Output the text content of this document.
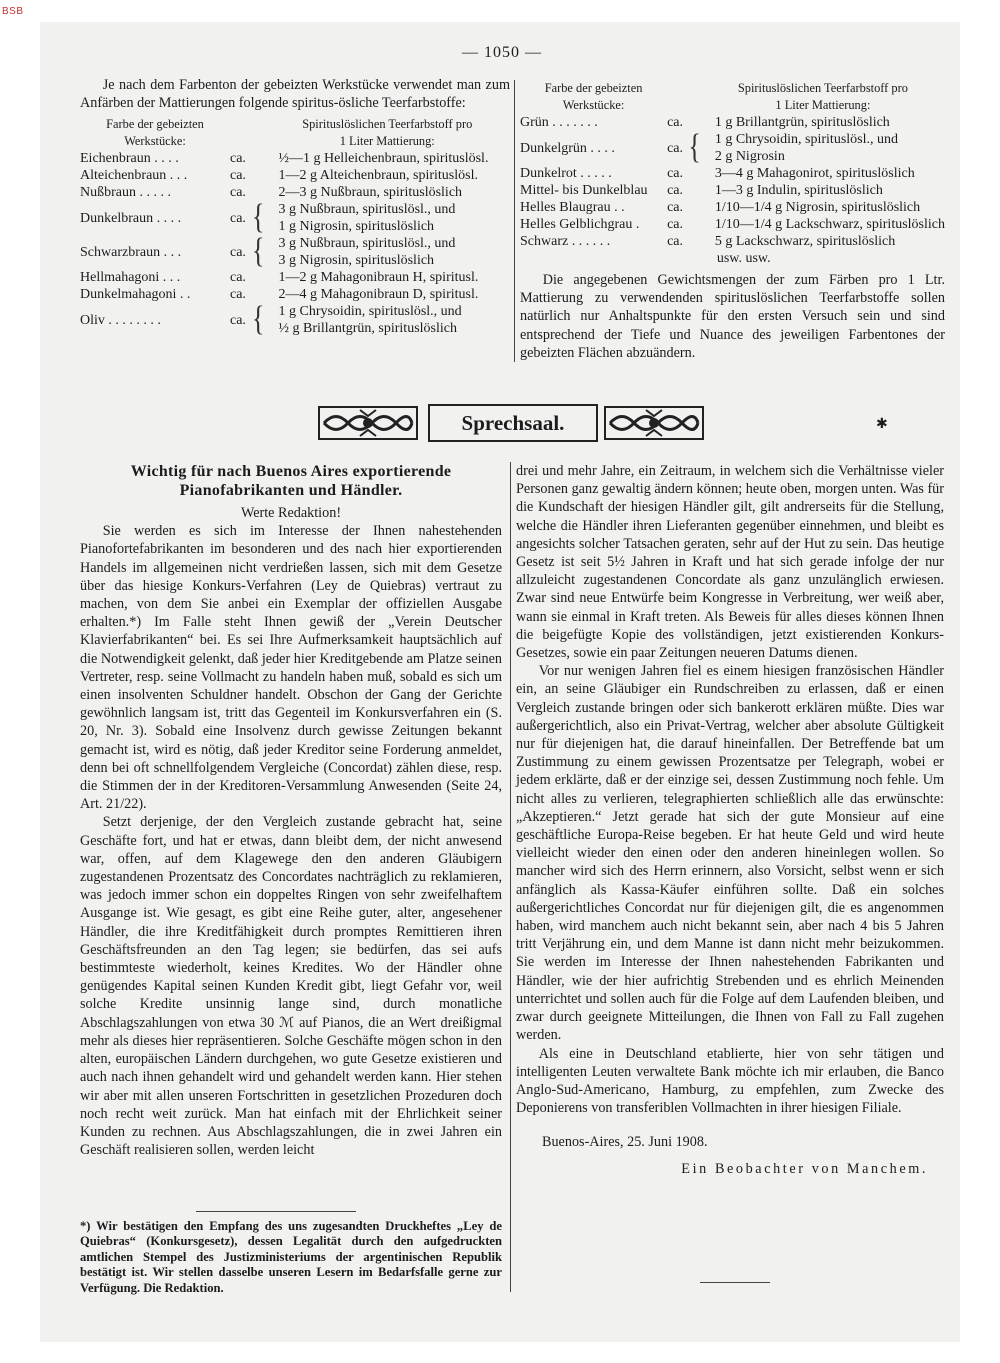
BSB
— 1050 —

Je nach dem Farbenton der gebeizten Werkstücke verwendet man zum Anfärben der Mattierungen folgende spiritus-ösliche Teerfarbstoffe:

Farbe der gebeizten Werkstücke:			Spirituslöslichen Teerfarbstoff pro 1 Liter Mattierung:
Eichenbraun . . . .	ca.		½—1 g Helleichenbraun, spirituslösl.

Alteichenbraun . . .	ca.		1—2 g Alteichenbraun, spirituslösl.

Nußbraun . . . . .	ca.		2—3 g Nußbraun, spirituslöslich

Dunkelbraun . . . .	ca.	{	3 g Nußbraun, spirituslösl., und
1 g Nigrosin, spirituslöslich

Schwarzbraun . . .	ca.	{	3 g Nußbraun, spirituslösl., und
3 g Nigrosin, spirituslöslich

Hellmahagoni . . .	ca.		1—2 g Mahagonibraun H, spiritusl.

Dunkelmahagoni . .	ca.		2—4 g Mahagonibraun D, spiritusl.

Oliv . . . . . . . .	ca.	{	1 g Chrysoidin, spirituslösl., und
½ g Brillantgrün, spirituslöslich
Farbe der gebeizten Werkstücke:			Spirituslöslichen Teerfarbstoff pro 1 Liter Mattierung:
Grün . . . . . . .	ca.		1 g Brillantgrün, spirituslöslich

Dunkelgrün . . . .	ca.	{	1 g Chrysoidin, spirituslösl., und
2 g Nigrosin

Dunkelrot . . . . .	ca.		3—4 g Mahagonirot, spirituslöslich

Mittel- bis Dunkelblau	ca.		1—3 g Indulin, spirituslöslich

Helles Blaugrau . .	ca.		1/10—1/4 g Nigrosin, spirituslöslich

Helles Gelblichgrau .	ca.		1/10—1/4 g Lackschwarz, spirituslöslich

Schwarz . . . . . .	ca.		5 g Lackschwarz, spirituslöslich

			usw. usw.

Die angegebenen Gewichtsmengen der zum Färben pro 1 Ltr. Mattierung zu verwendenden spirituslöslichen Teerfarbstoffe sollen natürlich nur Anhaltspunkte für den ersten Versuch sein und sind entsprechend der Tiefe und Nuance des jeweiligen Farbentones der gebeizten Flächen abzuändern.

Sprechsaal.	✱
Wichtig für nach Buenos Aires exportierende
Pianofabrikanten und Händler.
Werte Redaktion!

Sie werden es sich im Interesse der Ihnen nahestehenden Pianofortefabrikanten im besonderen und des nach hier exportierenden Handels im allgemeinen nicht verdrießen lassen, sich mit dem Gesetze über das hiesige Konkurs-Verfahren (Ley de Quiebras) vertraut zu machen, von dem Sie anbei ein Exemplar der offiziellen Ausgabe erhalten.*) Im Falle steht Ihnen gewiß der „Verein Deutscher Klavierfabrikanten“ bei. Es sei Ihre Aufmerksamkeit hauptsächlich auf die Notwendigkeit gelenkt, daß jeder hier Kreditgebende am Platze seinen Vertreter, resp. seine Vollmacht zu handeln haben muß, sobald es sich um einen insolventen Schuldner handelt. Obschon der Gang der Gerichte gewöhnlich langsam ist, tritt das Gegenteil im Konkursverfahren ein (S. 20, Nr. 3). Sobald eine Insolvenz durch gewisse Zeitungen bekannt gemacht ist, wird es nötig, daß jeder Kreditor seine Forderung anmeldet, denn bei oft schnellfolgendem Vergleiche (Concordat) zählen diese, resp. die Stimmen der in der Kreditoren-Versammlung Anwesenden (Seite 24, Art. 21/22).

Setzt derjenige, der den Vergleich zustande gebracht hat, seine Geschäfte fort, und hat er etwas, dann bleibt dem, der nicht anwesend war, offen, auf dem Klagewege den den anderen Gläubigern zugestandenen Prozentsatz des Concordates nachträglich zu reklamieren, was jedoch immer schon ein doppeltes Ringen von sehr zweifelhaftem Ausgange ist. Wie gesagt, es gibt eine Reihe guter, alter, angesehener Händler, die ihre Kreditfähigkeit durch promptes Remittieren ihren Geschäftsfreunden an den Tag legen; sie bedürfen, das sei aufs bestimmteste wiederholt, keines Kredites. Wo der Händler ohne genügendes Kapital seinen Kunden Kredit gibt, liegt Gefahr vor, weil solche Kredite unsinnig lange sind, durch monatliche Abschlagszahlungen von etwa 30 ℳ auf Pianos, die an Wert dreißigmal mehr als dieses hier repräsentieren. Solche Geschäfte mögen schon in den alten, europäischen Ländern durchgehen, wo gute Gesetze existieren und auch nach ihnen gehandelt wird und gehandelt werden kann. Hier stehen wir aber mit allen unseren Fortschritten in gesetzlichen Prozeduren doch noch recht weit zurück. Man hat einfach mit der Ehrlichkeit seiner Kunden zu rechnen. Aus Abschlagszahlungen, die in zwei Jahren ein Geschäft realisieren sollen, werden leicht

*) Wir bestätigen den Empfang des uns zugesandten Druckheftes „Ley de Quiebras“ (Konkursgesetz), dessen Legalität durch den aufgedruckten amtlichen Stempel des Justizministeriums der argentinischen Republik bestätigt ist. Wir stellen dasselbe unseren Lesern im Bedarfsfalle gerne zur Verfügung. Die Redaktion.

drei und mehr Jahre, ein Zeitraum, in welchem sich die Verhältnisse vieler Personen ganz gewaltig ändern können; heute oben, morgen unten. Was für die Kundschaft der hiesigen Händler gilt, gilt andrerseits für die Stellung, welche die Händler ihren Lieferanten gegenüber einnehmen, und bleibt es angesichts solcher Tatsachen geraten, sehr auf der Hut zu sein. Das heutige Gesetz ist seit 5½ Jahren in Kraft und hat sich gerade infolge der nur allzuleicht zugestandenen Concordate als ganz unzulänglich erwiesen. Zwar sind neue Entwürfe beim Kongresse in Verbreitung, wer weiß aber, wann sie einmal in Kraft treten. Als Beweis für alles dieses können Ihnen die beigefügte Kopie des vollständigen, jetzt existierenden Konkurs-Gesetzes, sowie ein paar Zeitungen neueren Datums dienen.

Vor nur wenigen Jahren fiel es einem hiesigen französischen Händler ein, an seine Gläubiger ein Rundschreiben zu erlassen, daß er einen Vergleich zustande bringen oder sich bankerott erklären müßte. Dies war außergerichtlich, also ein Privat-Vertrag, welcher aber absolute Gültigkeit nur für diejenigen hat, die darauf hineinfallen. Der Betreffende bat um Zustimmung zu einem gewissen Prozentsatze per Telegraph, wobei er jedem erklärte, daß er der einzige sei, dessen Zustimmung noch fehle. Um nicht alles zu verlieren, telegraphierten schließlich alle das erwünschte: „Akzeptieren.“ Jetzt gerade hat sich der gute Monsieur auf eine geschäftliche Europa-Reise begeben. Er hat heute Geld und wird heute vielleicht wieder den einen oder den anderen hineinlegen wollen. So mancher wird sich des Herrn erinnern, also Vorsicht, selbst wenn er sich anfänglich als Kassa-Käufer einführen sollte. Daß ein solches außergerichtliches Concordat nur für diejenigen gilt, die es angenommen haben, wird manchem auch nicht bekannt sein, aber nach 4 bis 5 Jahren tritt Verjährung ein, und dem Manne ist dann nicht mehr beizukommen. Sie werden im Interesse der Ihnen nahestehenden Fabrikanten und Händler, wie der hier aufrichtig Strebenden und es ehrlich Meinenden unterrichtet und sollen auch für die Folge auf dem Laufenden bleiben, und zwar durch geeignete Mitteilungen, die Ihnen von Fall zu Fall zugehen werden.

Als eine in Deutschland etablierte, hier von sehr tätigen und intelligenten Leuten verwaltete Bank möchte ich mir erlauben, die Banco Anglo-Sud-Americano, Hamburg, zu empfehlen, zum Zwecke des Deponierens von transferiblen Vollmachten in ihrer hiesigen Filiale.

Buenos-Aires, 25. Juni 1908.

Ein Beobachter von Manchem.
